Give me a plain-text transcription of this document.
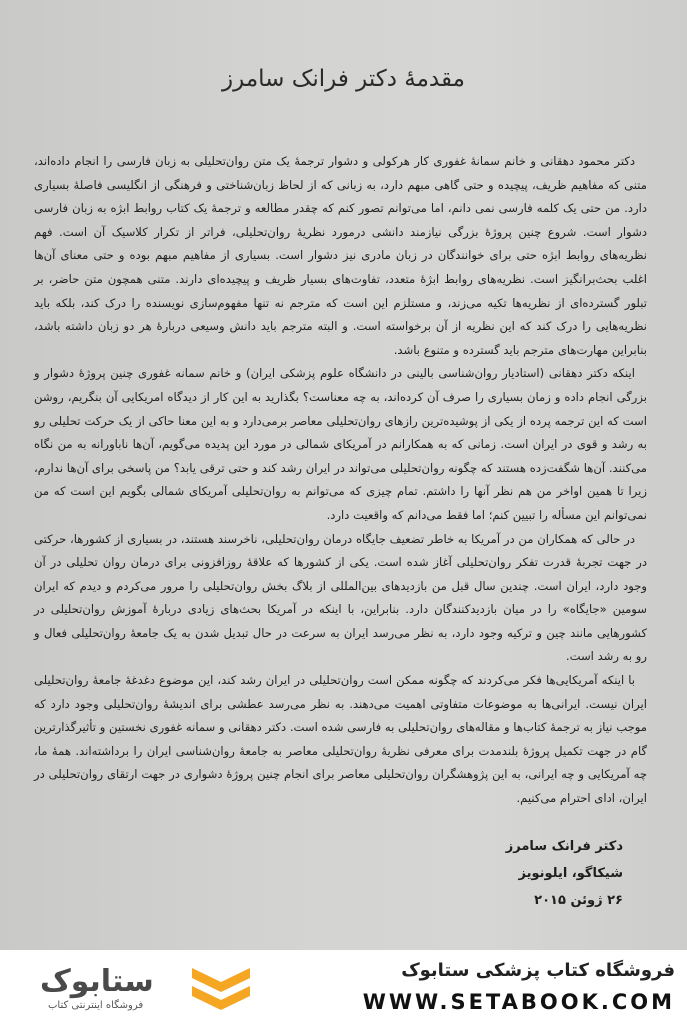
مقدمهٔ دکتر فرانک سامرز

دکتر محمود دهقانی و خانم سمانهٔ غفوری کار هرکولی و دشوار ترجمهٔ یک متن روان‌تحلیلی به زبان فارسی را انجام داده‌اند، متنی که مفاهیم ظریف، پیچیده و حتی گاهی مبهم دارد، به زبانی که از لحاظ زبان‌شناختی و فرهنگی از انگلیسی فاصلهٔ بسیاری دارد. من حتی یک کلمه فارسی نمی دانم، اما می‌توانم تصور کنم که چقدر مطالعه و ترجمهٔ یک کتاب روابط ابژه به زبان فارسی دشوار است. شروع چنین پروژهٔ بزرگی نیازمند دانشی درمورد نظریهٔ روان‌تحلیلی، فراتر از تکرار کلاسیک آن است. فهم نظریه‌های روابط ابژه حتی برای خوانندگان در زبان مادری نیز دشوار است. بسیاری از مفاهیم مبهم بوده و حتی معنای آن‌ها اغلب بحث‌برانگیز است. نظریه‌های روابط ابژهٔ متعدد، تفاوت‌های بسیار ظریف و پیچیده‌ای دارند. متنی همچون متن حاضر، بر تبلور گسترده‌ای از نظریه‌ها تکیه می‌زند، و مستلزم این است که مترجم نه تنها مفهوم‌سازی نویسنده را درک کند، بلکه باید نظریه‌هایی را درک کند که این نظریه از آن برخواسته است. و البته مترجم باید دانش وسیعی دربارهٔ هر دو زبان داشته باشد، بنابراین مهارت‌های مترجم باید گسترده و متنوع باشد.

اینکه دکتر دهقانی (استادیار روان‌شناسی بالینی در دانشگاه علوم پزشکی ایران) و خانم سمانه غفوری چنین پروژهٔ دشوار و بزرگی انجام داده و زمان بسیاری را صرف آن کرده‌اند، به چه معناست؟ بگذارید به این کار از دیدگاه امریکایی آن بنگریم، روشن است که این ترجمه پرده از یکی از پوشیده‌ترین رازهای روان‌تحلیلی معاصر برمی‌دارد و به این معنا حاکی از یک حرکت تحلیلی رو به رشد و قوی در ایران است. زمانی که به همکارانم در آمریکای شمالی در مورد این پدیده می‌گویم، آن‌ها ناباورانه به من نگاه می‌کنند. آن‌ها شگفت‌زده هستند که چگونه روان‌تحلیلی می‌تواند در ایران رشد کند و حتی ترقی یابد؟ من پاسخی برای آن‌ها ندارم، زیرا تا همین اواخر من هم نظر آنها را داشتم. تمام چیزی که می‌توانم به روان‌تحلیلی آمریکای شمالی بگویم این است که من نمی‌توانم این مسأله را تبیین کنم؛ اما فقط می‌دانم که واقعیت دارد.

در حالی که همکاران من در آمریکا به خاطر تضعیف جایگاه درمان روان‌تحلیلی، ناخرسند هستند، در بسیاری از کشورها، حرکتی در جهت تجربهٔ قدرت تفکر روان‌تحلیلی آغاز شده است. یکی از کشورها که علاقهٔ روزافزونی برای درمان روان تحلیلی در آن وجود دارد، ایران است. چندین سال قبل من بازدیدهای بین‌المللی از بلاگ بخش روان‌تحلیلی را مرور می‌کردم و دیدم که ایران سومین «جایگاه» را در میان بازدیدکنندگان دارد. بنابراین، با اینکه در آمریکا بحث‌های زیادی دربارهٔ آموزش روان‌تحلیلی در کشورهایی مانند چین و ترکیه وجود دارد، به نظر می‌رسد ایران به سرعت در حال تبدیل شدن به یک جامعهٔ روان‌تحلیلی فعال و رو به رشد است.

با اینکه آمریکایی‌ها فکر می‌کردند که چگونه ممکن است روان‌تحلیلی در ایران رشد کند، این موضوع دغدغهٔ جامعهٔ روان‌تحلیلی ایران نیست. ایرانی‌ها به موضوعات متفاوتی اهمیت می‌دهند. به نظر می‌رسد عطشی برای اندیشهٔ روان‌تحلیلی وجود دارد که موجب نیاز به ترجمهٔ کتاب‌ها و مقاله‌های روان‌تحلیلی به فارسی شده است. دکتر دهقانی و سمانه غفوری نخستین و تأثیرگذارترین گام در جهت تکمیل پروژهٔ بلندمدت برای معرفی نظریهٔ روان‌تحلیلی معاصر به جامعهٔ روان‌شناسی ایران را برداشته‌اند. همهٔ ما، چه آمریکایی و چه ایرانی، به این پژوهشگران روان‌تحلیلی معاصر برای انجام چنین پروژهٔ دشواری در جهت ارتقای روان‌تحلیلی در ایران، ادای احترام می‌کنیم.

دکتر فرانک سامرز
شیکاگو، ایلونویز
۲۶ ژوئن ۲۰۱۵
ستابوک
فروشگاه اینترنتی کتاب
فروشگاه کتاب پزشکی ستابوک
WWW.SETABOOK.COM
